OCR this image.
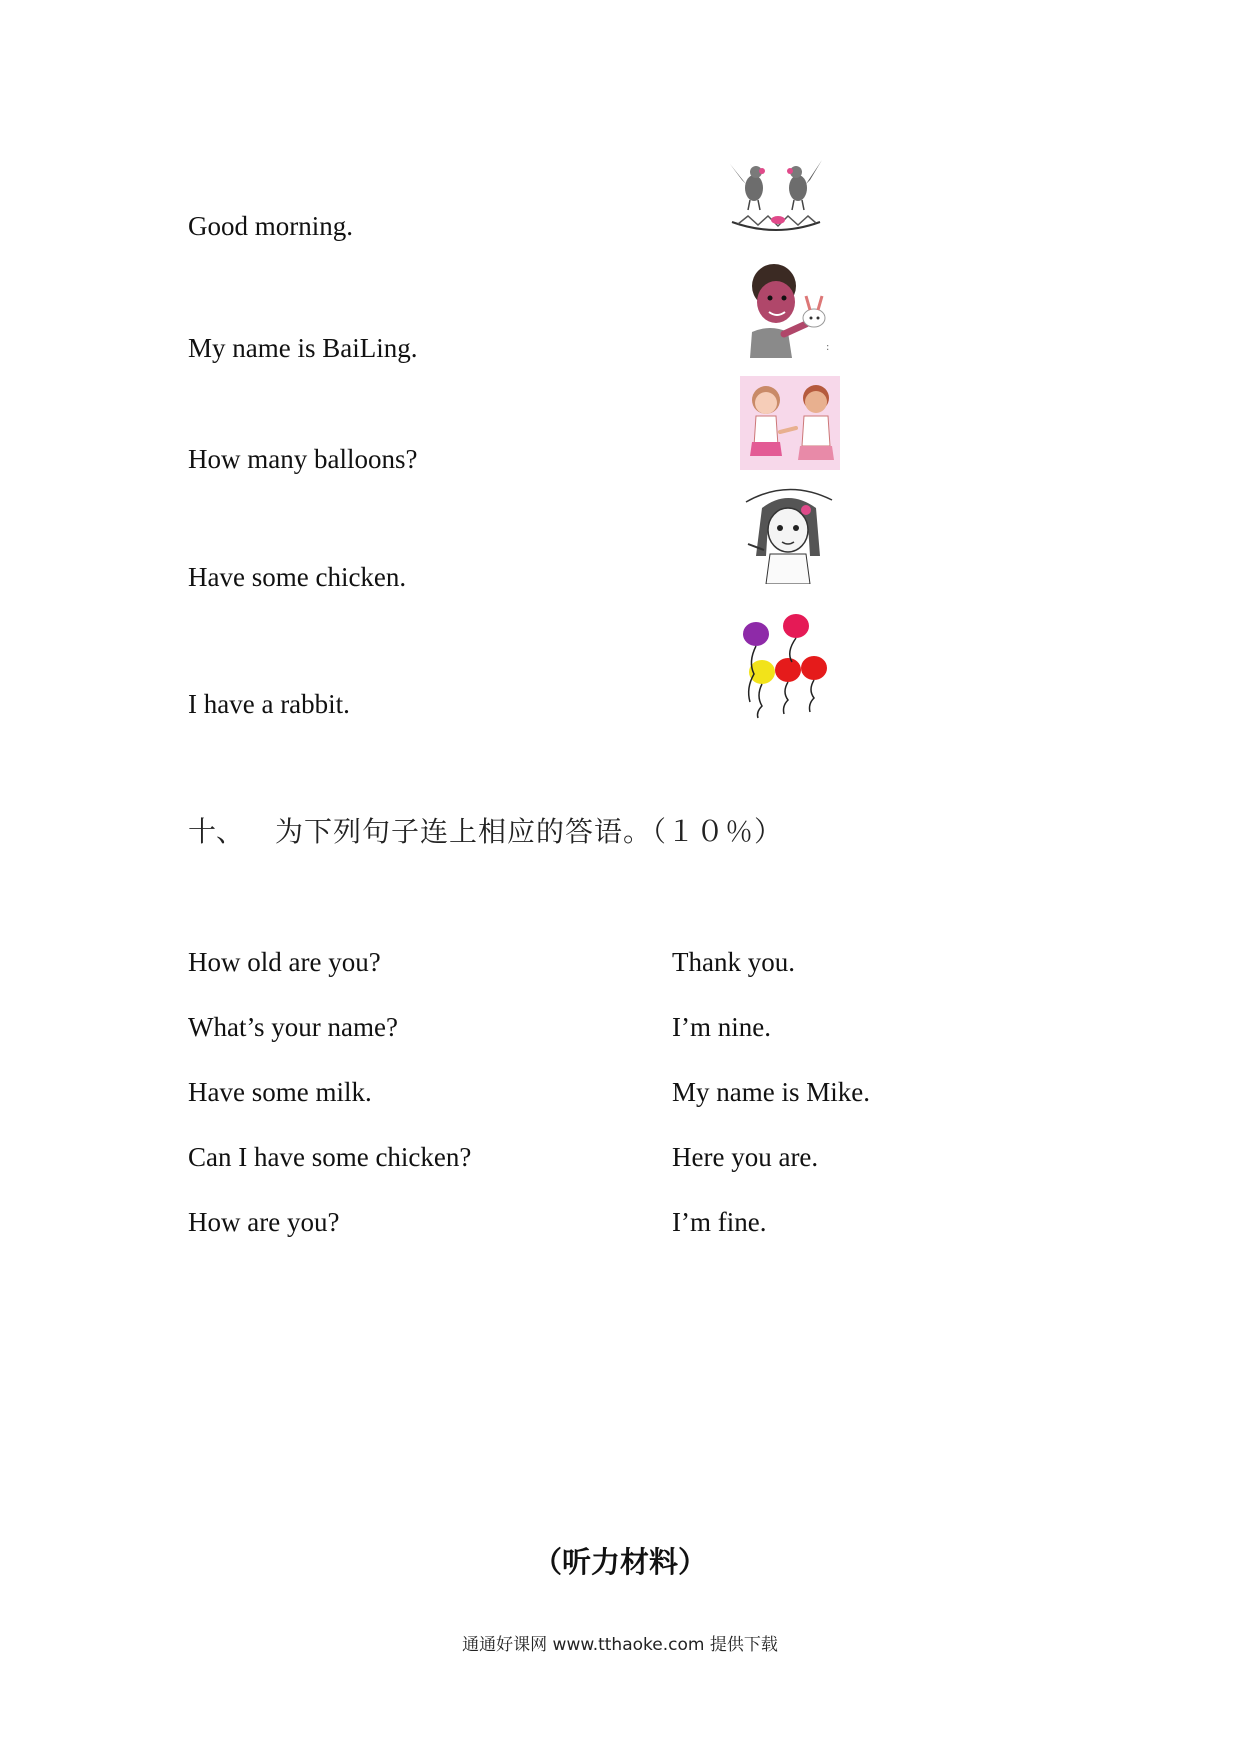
Good morning.
My name is BaiLing.
How many balloons?
Have some chicken.
I have a rabbit.
:
十、 为下列句子连上相应的答语。（１０％）
How old are you?
What’s your name?
Have some milk.
Can I have some chicken?
How are you?
Thank you.
I’m nine.
My name is Mike.
Here you are.
I’m fine.
（听力材料）
通通好课网 www.tthaoke.com 提供下载
